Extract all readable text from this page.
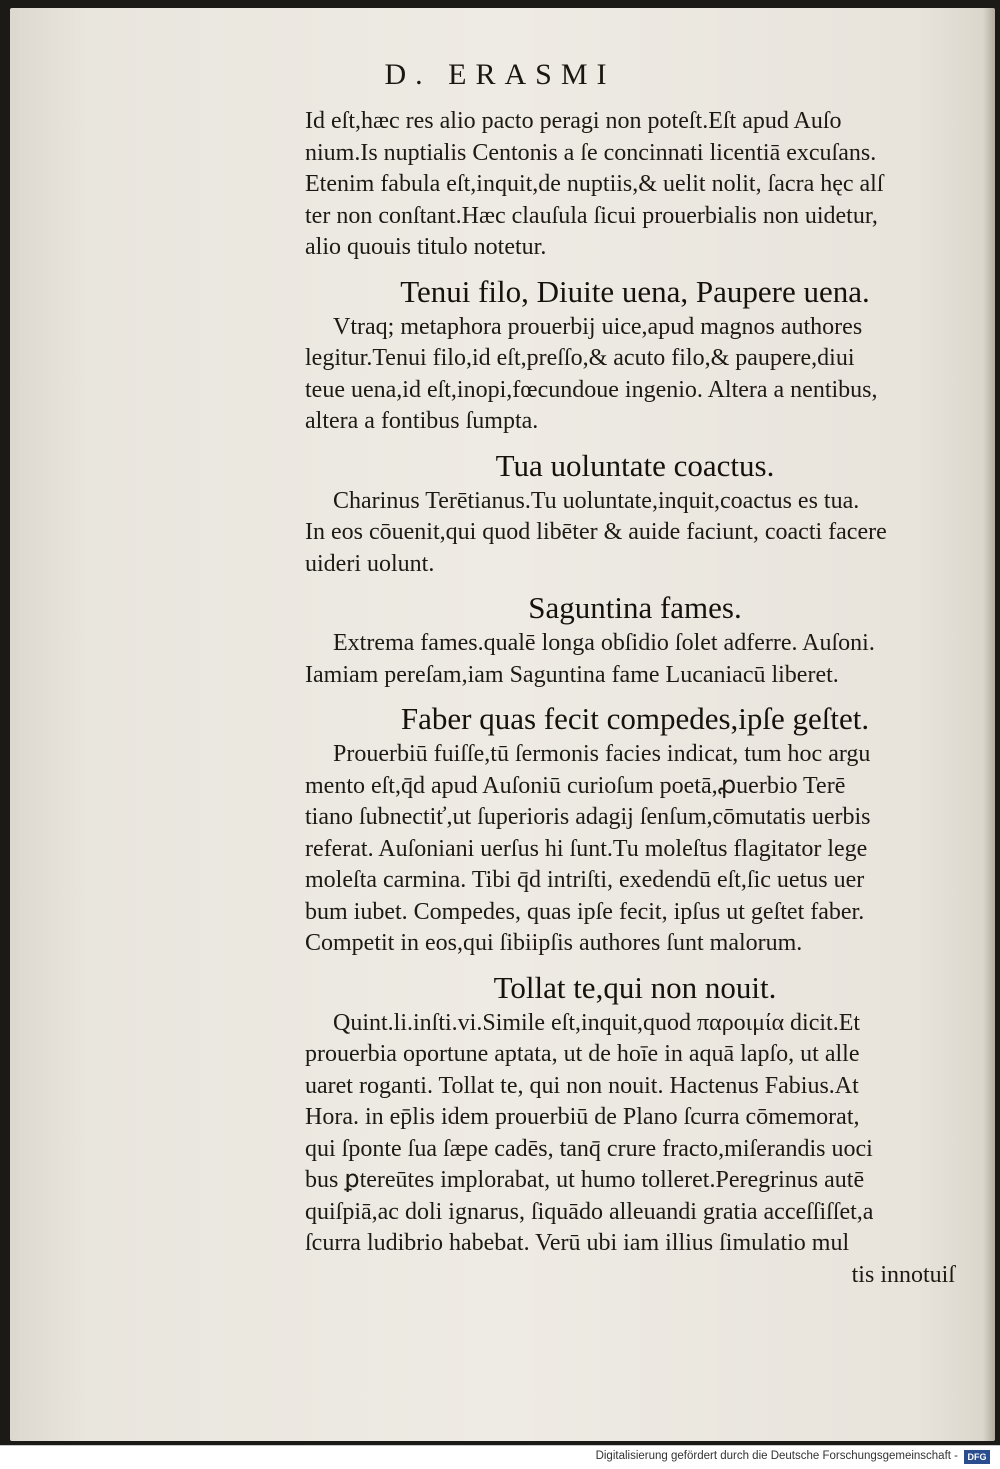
D. ERASMI
Id eſt,hæc res alio pacto peragi non poteſt.Eſt apud Auſo
nium.Is nuptialis Centonis a ſe concinnati licentiā excuſans.
Etenim fabula eſt,inquit,de nuptiis,& uelit nolit, ſacra hęc alſ
ter non conſtant.Hæc clauſula ſicui prouerbialis non uidetur,
alio quouis titulo notetur.
Tenui filo, Diuite uena, Paupere uena.
Vtraq; metaphora prouerbij uice,apud magnos authores
legitur.Tenui filo,id eſt,preſſo,& acuto filo,& paupere,diui
teue uena,id eſt,inopi,fœcundoue ingenio. Altera a nentibus,
altera a fontibus ſumpta.
Tua uoluntate coactus.
Charinus Terētianus.Tu uoluntate,inquit,coactus es tua.
In eos cōuenit,qui quod libēter & auide faciunt, coacti facere
uideri uolunt.
Saguntina fames.
Extrema fames.qualē longa obſidio ſolet adferre. Auſoni.
Iamiam pereſam,iam Saguntina fame Lucaniacū liberet.
Faber quas fecit compedes,ipſe geſtet.
Prouerbiū fuiſſe,tū ſermonis facies indicat, tum hoc argu
mento eſt,q̄d apud Auſoniū curioſum poetā,ꝓuerbio Terē
tiano ſubnectiť,ut ſuperioris adagij ſenſum,cōmutatis uerbis
referat. Auſoniani uerſus hi ſunt.Tu moleſtus flagitator lege
moleſta carmina. Tibi q̄d intriſti, exedendū eſt,ſic uetus uer
bum iubet. Compedes, quas ipſe fecit, ipſus ut geſtet faber.
Competit in eos,qui ſibiipſis authores ſunt malorum.
Tollat te,qui non nouit.
Quint.li.inſti.vi.Simile eſt,inquit,quod παροιμία dicit.Et
prouerbia oportune aptata, ut de hoīe in aquā lapſo, ut alle
uaret roganti. Tollat te, qui non nouit. Hactenus Fabius.At
Hora. in ep̄lis idem prouerbiū de Plano ſcurra cōmemorat,
qui ſponte ſua ſæpe cadēs, tanq̄ crure fracto,miſerandis uoci
bus ꝑtereūtes implorabat, ut humo tolleret.Peregrinus autē
quiſpiā,ac doli ignarus, ſiquādo alleuandi gratia acceſſiſſet,a
ſcurra ludibrio habebat. Verū ubi iam illius ſimulatio mul
tis innotuiſ
Digitalisierung gefördert durch die Deutsche Forschungsgemeinschaft -	DFG
